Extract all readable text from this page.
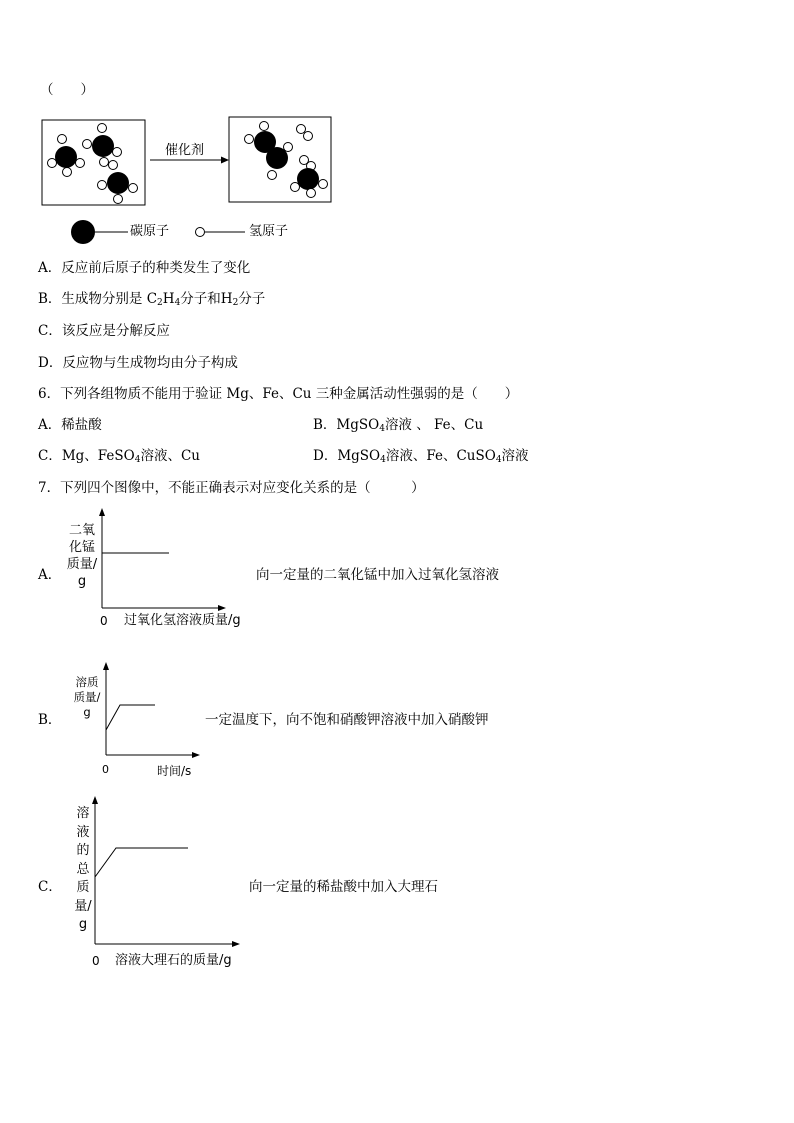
（　　）
催化剂
碳原子	氢原子
A．反应前后原子的种类发生了变化
B．生成物分别是 $C_2H_4$分子和$H_2$分子
C．该反应是分解反应
D．反应物与生成物均由分子构成
6．下列各组物质不能用于验证 Mg、Fe、Cu 三种金属活动性强弱的是（　　）
A．稀盐酸	B．MgSO$_4$溶液 、 Fe、Cu
C．Mg、FeSO$_4$溶液、Cu	D．MgSO$_4$溶液、Fe、CuSO$_4$溶液
7．下列四个图像中，不能正确表示对应变化关系的是（　　　）
A．
二氧化锰质量/g
0 过氧化氢溶液质量/g
向一定量的二氧化锰中加入过氧化氢溶液
B．
溶质质量/g
0	时间/s
一定温度下，向不饱和硝酸钾溶液中加入硝酸钾
C．
溶液的总质量/g
0 溶液大理石的质量/g
向一定量的稀盐酸中加入大理石
